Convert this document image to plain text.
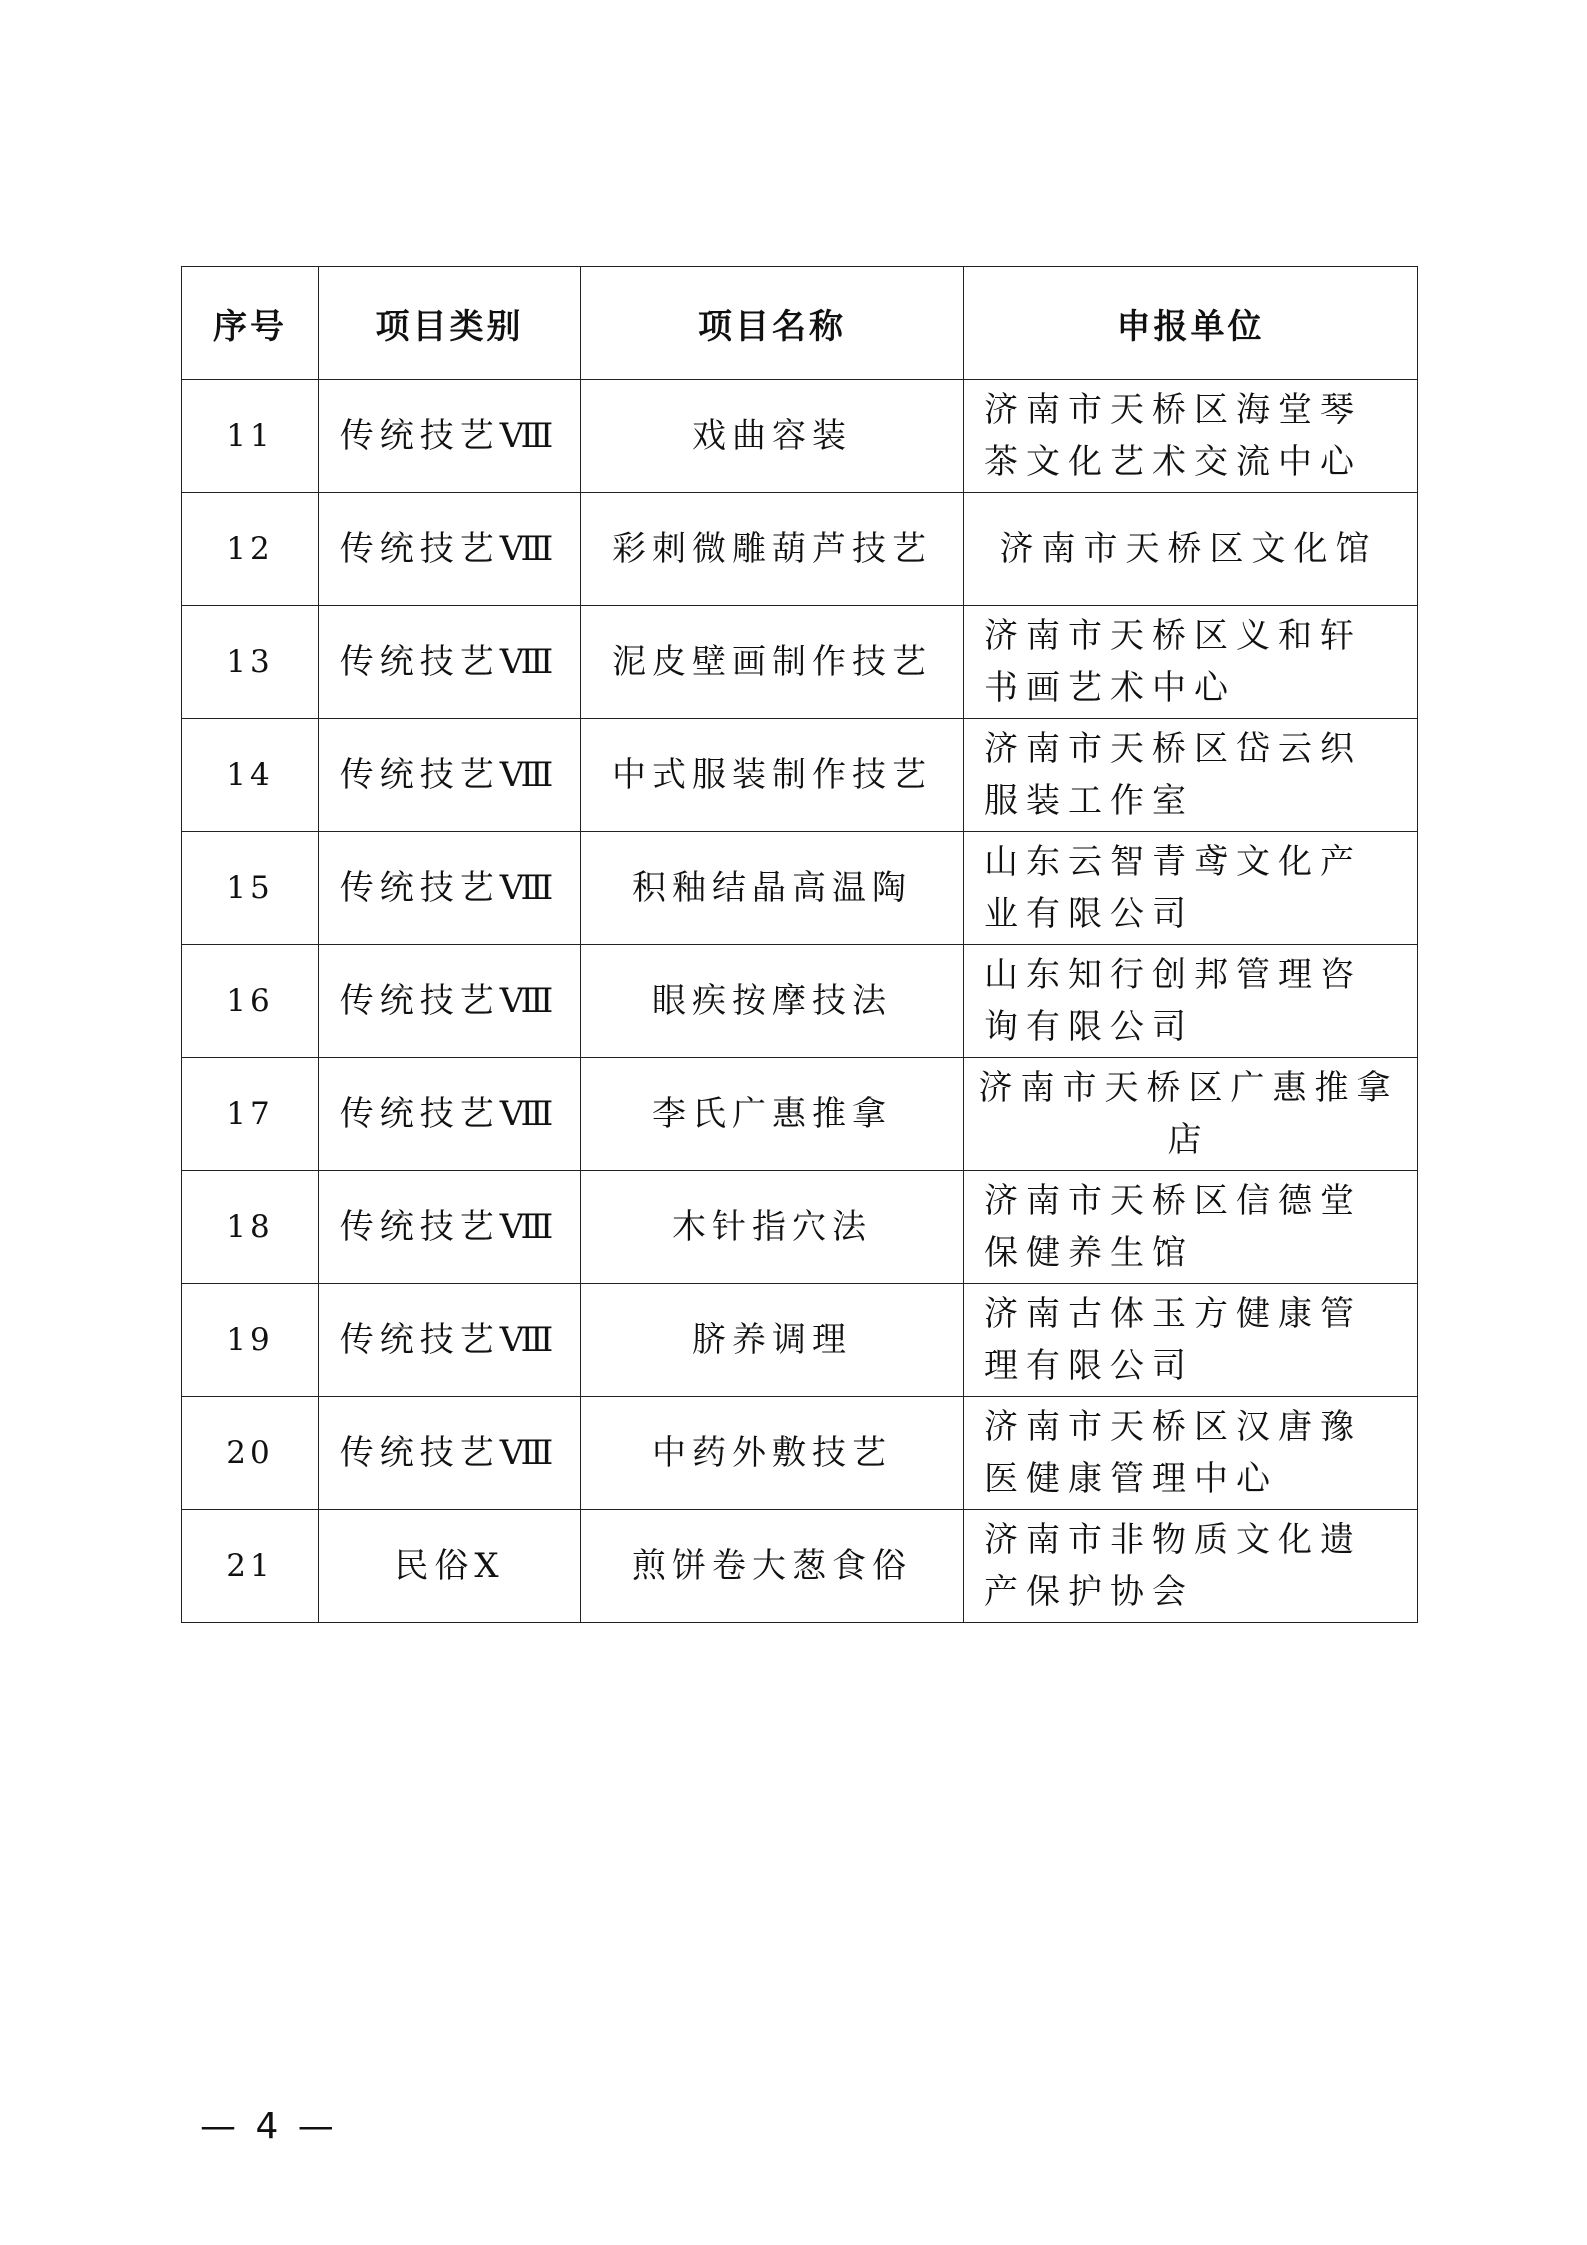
序号	项目类别	项目名称	申报单位
11	传统技艺Ⅷ	戏曲容装	济南市天桥区海堂琴茶文化艺术交流中心
12	传统技艺Ⅷ	彩刺微雕葫芦技艺	济南市天桥区文化馆
13	传统技艺Ⅷ	泥皮壁画制作技艺	济南市天桥区义和轩书画艺术中心
14	传统技艺Ⅷ	中式服装制作技艺	济南市天桥区岱云织服装工作室
15	传统技艺Ⅷ	积釉结晶高温陶	山东云智青鸢文化产业有限公司
16	传统技艺Ⅷ	眼疾按摩技法	山东知行创邦管理咨询有限公司
17	传统技艺Ⅷ	李氏广惠推拿	济南市天桥区广惠推拿店
18	传统技艺Ⅷ	木针指穴法	济南市天桥区信德堂保健养生馆
19	传统技艺Ⅷ	脐养调理	济南古体玉方健康管理有限公司
20	传统技艺Ⅷ	中药外敷技艺	济南市天桥区汉唐豫医健康管理中心
21	民俗Ⅹ	煎饼卷大葱食俗	济南市非物质文化遗产保护协会
— 4 —
